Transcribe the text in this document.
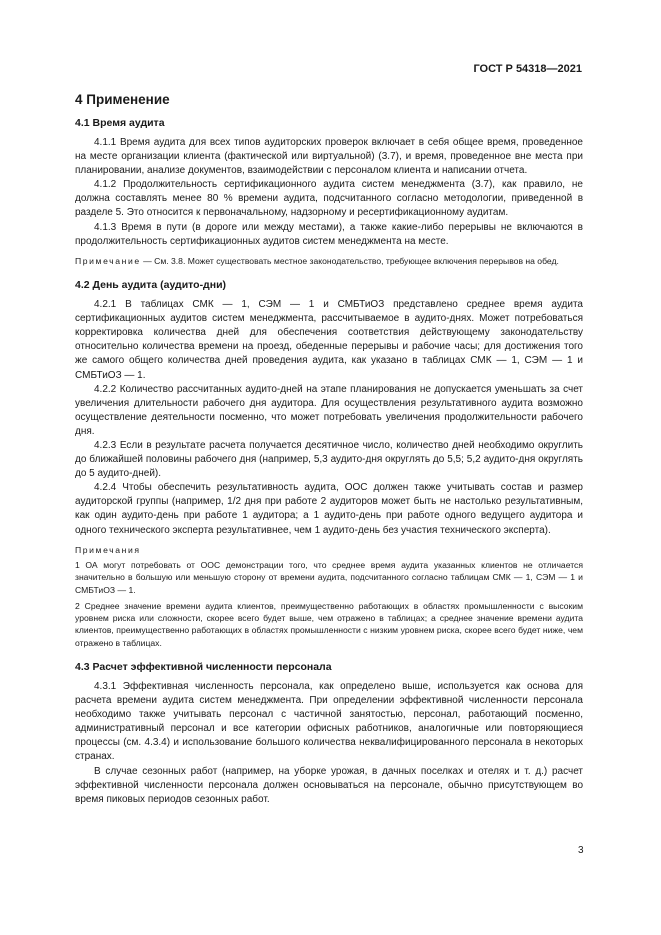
ГОСТ Р 54318—2021
4 Применение
4.1 Время аудита

4.1.1 Время аудита для всех типов аудиторских проверок включает в себя общее время, проведенное на месте организации клиента (фактической или виртуальной) (3.7), и время, проведенное вне места при планировании, анализе документов, взаимодействии с персоналом клиента и написании отчета.

4.1.2 Продолжительность сертификационного аудита систем менеджмента (3.7), как правило, не должна составлять менее 80 % времени аудита, подсчитанного согласно методологии, приведенной в разделе 5. Это относится к первоначальному, надзорному и ресертификационному аудитам.

4.1.3 Время в пути (в дороге или между местами), а также какие-либо перерывы не включаются в продолжительность сертификационных аудитов систем менеджмента на месте.

Примечание — См. 3.8. Может существовать местное законодательство, требующее включения перерывов на обед.

4.2 День аудита (аудито-дни)

4.2.1 В таблицах СМК — 1, СЭМ — 1 и СМБТиОЗ представлено среднее время аудита сертификационных аудитов систем менеджмента, рассчитываемое в аудито-днях. Может потребоваться корректировка количества дней для обеспечения соответствия действующему законодательству относительно количества времени на проезд, обеденные перерывы и рабочие часы; для достижения того же самого общего количества дней проведения аудита, как указано в таблицах СМК — 1, СЭМ — 1 и СМБТиОЗ — 1.

4.2.2 Количество рассчитанных аудито-дней на этапе планирования не допускается уменьшать за счет увеличения длительности рабочего дня аудитора. Для осуществления результативного аудита возможно осуществление деятельности посменно, что может потребовать увеличения продолжительности рабочего дня.

4.2.3 Если в результате расчета получается десятичное число, количество дней необходимо округлить до ближайшей половины рабочего дня (например, 5,3 аудито-дня округлять до 5,5; 5,2 аудито-дня округлять до 5 аудито-дней).

4.2.4 Чтобы обеспечить результативность аудита, ООС должен также учитывать состав и размер аудиторской группы (например, 1/2 дня при работе 2 аудиторов может быть не настолько результативным, как один аудито-день при работе 1 аудитора; а 1 аудито-день при работе одного ведущего аудитора и одного технического эксперта результативнее, чем 1 аудито-день без участия технического эксперта).

Примечания

1 ОА могут потребовать от ООС демонстрации того, что среднее время аудита указанных клиентов не отличается значительно в большую или меньшую сторону от времени аудита, подсчитанного согласно таблицам СМК — 1, СЭМ — 1 и СМБТиОЗ — 1.

2 Среднее значение времени аудита клиентов, преимущественно работающих в областях промышленности с высоким уровнем риска или сложности, скорее всего будет выше, чем отражено в таблицах; а среднее значение времени аудита клиентов, преимущественно работающих в областях промышленности с низким уровнем риска, скорее всего будет ниже, чем отражено в таблицах.

4.3 Расчет эффективной численности персонала

4.3.1 Эффективная численность персонала, как определено выше, используется как основа для расчета времени аудита систем менеджмента. При определении эффективной численности персонала необходимо также учитывать персонал с частичной занятостью, персонал, работающий посменно, административный персонал и все категории офисных работников, аналогичные или повторяющиеся процессы (см. 4.3.4) и использование большого количества неквалифицированного персонала в некоторых странах.

В случае сезонных работ (например, на уборке урожая, в дачных поселках и отелях и т. д.) расчет эффективной численности персонала должен основываться на персонале, обычно присутствующем во время пиковых периодов сезонных работ.

3
